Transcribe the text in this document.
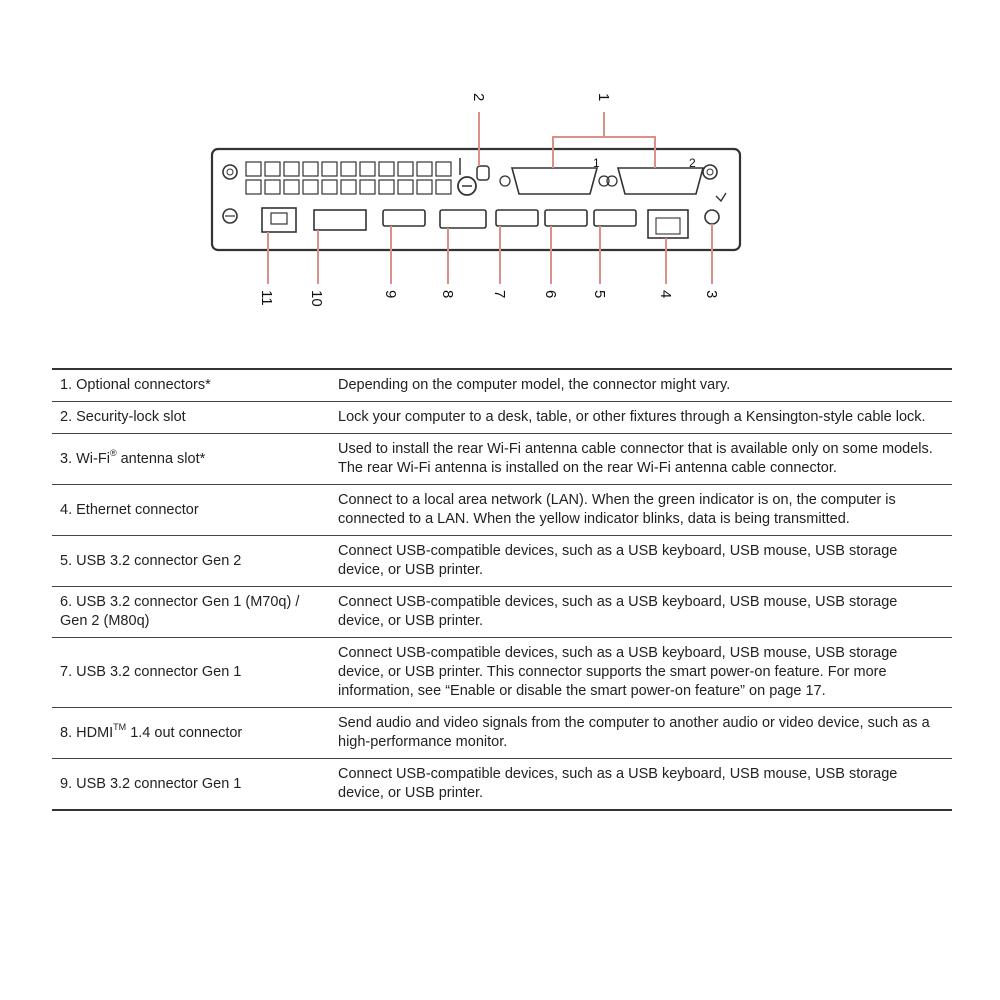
1	2
2	1
11 10	9	8 7 6 5	4 3
1. Optional connectors*	Depending on the computer model, the connector might vary.
2. Security-lock slot	Lock your computer to a desk, table, or other fixtures through a Kensington-style cable lock.
3. Wi-Fi® antenna slot*	Used to install the rear Wi-Fi antenna cable connector that is available only on some models. The rear Wi-Fi antenna is installed on the rear Wi-Fi antenna cable connector.
4. Ethernet connector	Connect to a local area network (LAN). When the green indicator is on, the computer is connected to a LAN. When the yellow indicator blinks, data is being transmitted.
5. USB 3.2 connector Gen 2	Connect USB-compatible devices, such as a USB keyboard, USB mouse, USB storage device, or USB printer.
6. USB 3.2 connector Gen 1 (M70q) / Gen 2 (M80q)	Connect USB-compatible devices, such as a USB keyboard, USB mouse, USB storage device, or USB printer.
7. USB 3.2 connector Gen 1	Connect USB-compatible devices, such as a USB keyboard, USB mouse, USB storage device, or USB printer. This connector supports the smart power-on feature. For more information, see “Enable or disable the smart power-on feature” on page 17.
8. HDMI™ 1.4 out connector	Send audio and video signals from the computer to another audio or video device, such as a high-performance monitor.
9. USB 3.2 connector Gen 1	Connect USB-compatible devices, such as a USB keyboard, USB mouse, USB storage device, or USB printer.
